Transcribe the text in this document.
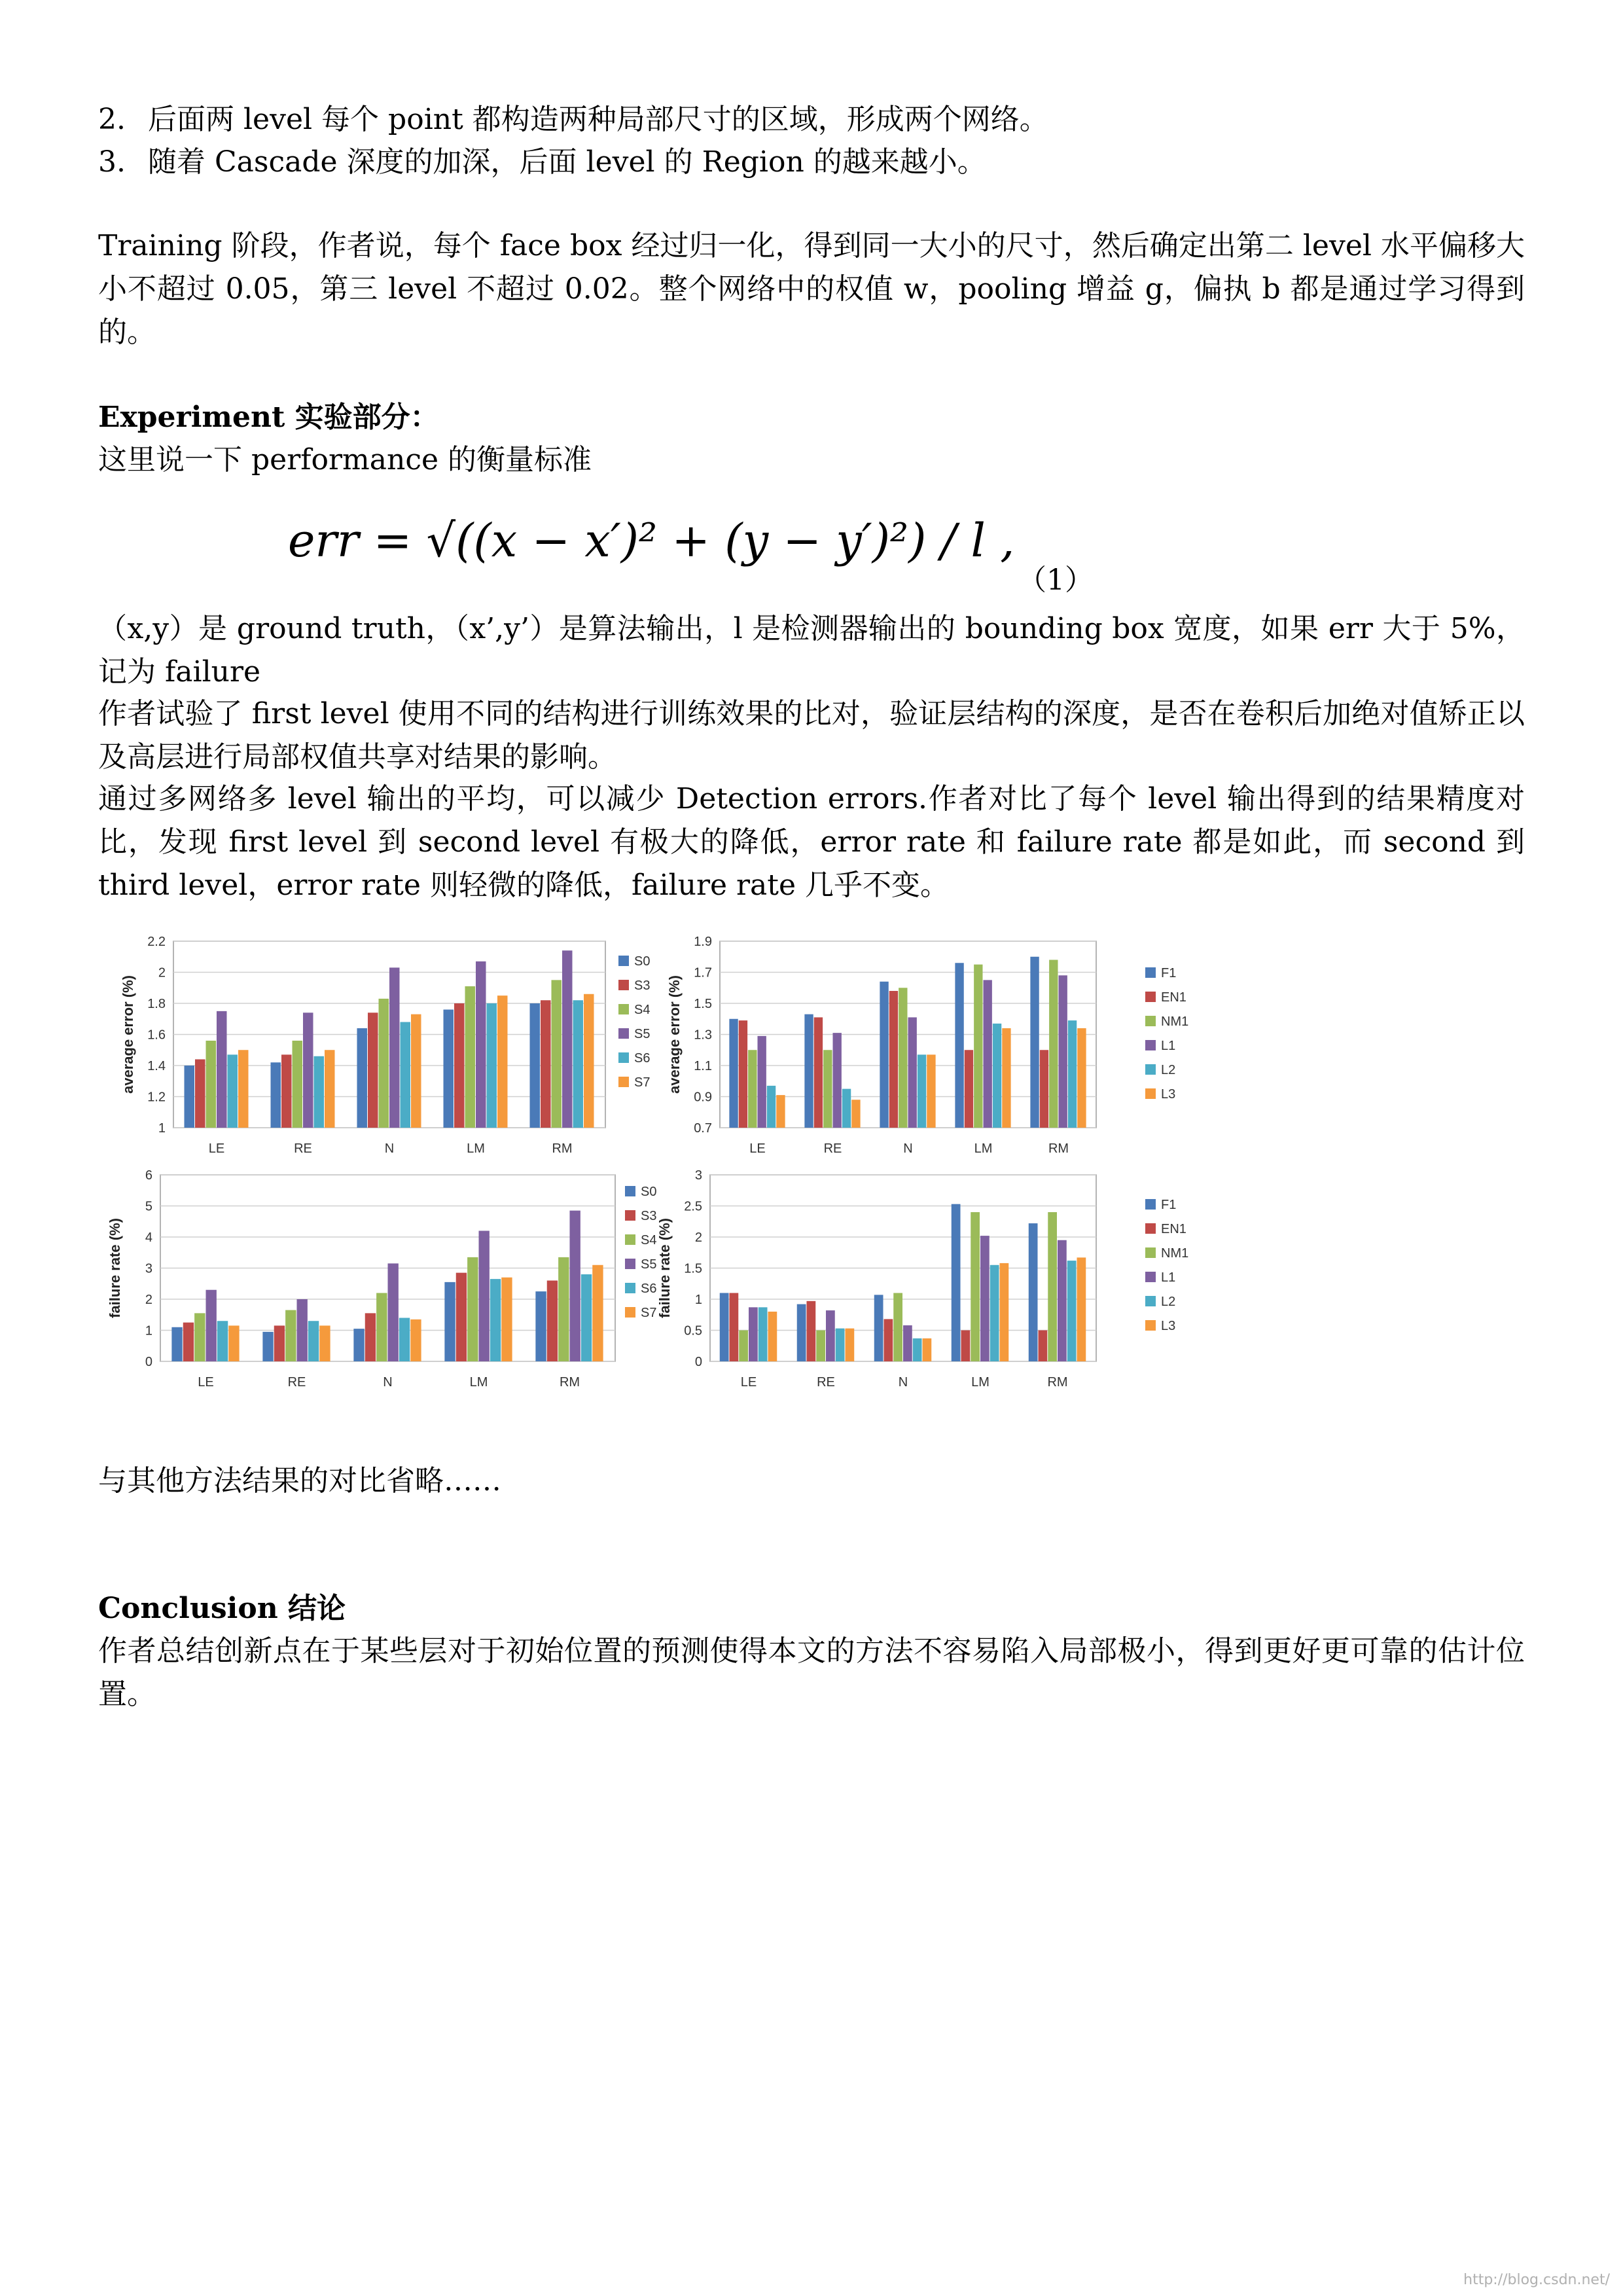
2. 后面两 level 每个 point 都构造两种局部尺寸的区域，形成两个网络。
3. 随着 Cascade 深度的加深，后面 level 的 Region 的越来越小。

Training 阶段，作者说，每个 face box 经过归一化，得到同一大小的尺寸，然后确定出第二 level 水平偏移大小不超过 0.05，第三 level 不超过 0.02。整个网络中的权值 w，pooling 增益 g，偏执 b 都是通过学习得到的。

Experiment 实验部分：
这里说一下 performance 的衡量标准
err = √((x − x′)² + (y − y′)²) / l ,
（1）

（x,y）是 ground truth，（x’,y’）是算法输出，l 是检测器输出的 bounding box 宽度，如果 err 大于 5%，记为 failure

作者试验了 first level 使用不同的结构进行训练效果的比对，验证层结构的深度，是否在卷积后加绝对值矫正以及高层进行局部权值共享对结果的影响。

通过多网络多 level 输出的平均，可以减少 Detection errors.作者对比了每个 level 输出得到的结果精度对比，发现 first level 到 second level 有极大的降低，error rate 和 failure rate 都是如此，而 second 到 third level，error rate 则轻微的降低，failure rate 几乎不变。

1
1.2
1.4
1.6
1.8
2
2.2
average error (%)
LE	RE	N	LM	RM
S0
S3
S4
S5
S6
S7
0.7
0.9
1.1
1.3
1.5
1.7
1.9
average error (%)
LE	RE	N	LM	RM
F1
EN1
NM1
L1
L2
L3
0
1
2
3
4
5
6
failure rate (%)
LE	RE	N	LM	RM
S0
S3
S4
S5
S6
S7
0
0.5
1
1.5
2
2.5
3
failure rate (%)
LE	RE	N	LM	RM
F1
EN1
NM1
L1
L2
L3
与其他方法结果的对比省略……
Conclusion 结论

作者总结创新点在于某些层对于初始位置的预测使得本文的方法不容易陷入局部极小，得到更好更可靠的估计位置。

http://blog.csdn.net/
